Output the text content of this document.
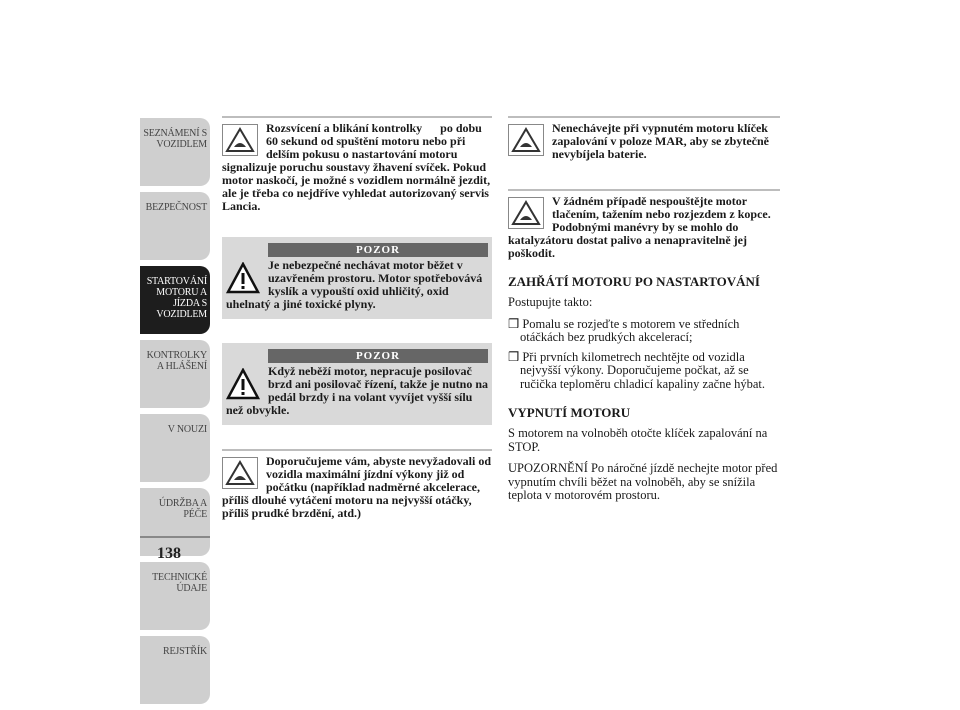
SEZNÁMENÍ S VOZIDLEM
BEZPEČNOST
STARTOVÁNÍ MOTORU A JÍZDA S VOZIDLEM
KONTROLKY A HLÁŠENÍ
V NOUZI
ÚDRŽBA A PÉČE
TECHNICKÉ ÚDAJE
REJSTŘÍK
138
Rozsvícení a blikání kontrolky    po dobu 60 sekund od spuštění motoru nebo při delším pokusu o nastartování motoru signalizuje poruchu soustavy žhavení svíček. Pokud motor naskočí, je možné s vozidlem normálně jezdit, ale je třeba co nejdříve vyhledat autorizovaný servis Lancia.
POZOR
Je nebezpečné nechávat motor běžet v uzavřeném prostoru. Motor spotřebovává kyslík a vypouští oxid uhličitý, oxid uhelnatý a jiné toxické plyny.
POZOR
Když neběží motor, nepracuje posilovač brzd ani posilovač řízení, takže je nutno na pedál brzdy i na volant vyvíjet vyšší sílu než obvykle.
Doporučujeme vám, abyste nevyžadovali od vozidla maximální jízdní výkony již od počátku (například nadměrné akcelerace, příliš dlouhé vytáčení motoru na nejvyšší otáčky, příliš prudké brzdění, atd.)
Nenechávejte při vypnutém motoru klíček zapalování v poloze MAR, aby se zbytečně nevybíjela baterie.
V žádném případě nespouštějte motor tlačením, tažením nebo rozjezdem z kopce. Podobnými manévry by se mohlo do katalyzátoru dostat palivo a nenapravitelně jej poškodit.
ZAHŘÁTÍ MOTORU PO NASTARTOVÁNÍ
Postupujte takto:
❒ Pomalu se rozjeďte s motorem ve středních otáčkách bez prudkých akcelerací;
❒ Při prvních kilometrech nechtějte od vozidla nejvyšší výkony. Doporučujeme počkat, až se ručička teploměru chladicí kapaliny začne hýbat.
VYPNUTÍ MOTORU
S motorem na volnoběh otočte klíček zapalování na STOP.
UPOZORNĚNÍ Po náročné jízdě nechejte motor před vypnutím chvíli běžet na volnoběh, aby se snížila teplota v motorovém prostoru.
